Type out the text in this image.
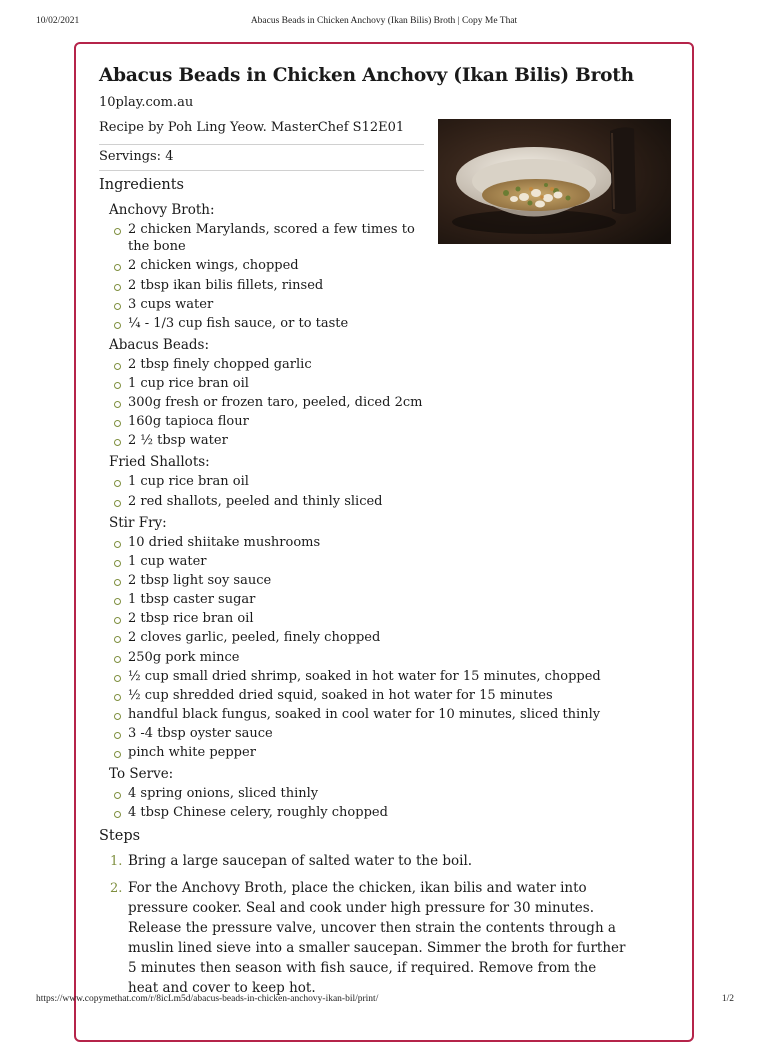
10/02/2021	Abacus Beads in Chicken Anchovy (Ikan Bilis) Broth | Copy Me That
Abacus Beads in Chicken Anchovy (Ikan Bilis) Broth
10play.com.au
Recipe by Poh Ling Yeow. MasterChef S12E01
Servings: 4
Ingredients
Anchovy Broth:
2 chicken Marylands, scored a few times to the bone
2 chicken wings, chopped
2 tbsp ikan bilis fillets, rinsed
3 cups water
¼ - 1/3 cup fish sauce, or to taste
Abacus Beads:
2 tbsp finely chopped garlic
1 cup rice bran oil
300g fresh or frozen taro, peeled, diced 2cm
160g tapioca flour
2 ½ tbsp water
Fried Shallots:
1 cup rice bran oil
2 red shallots, peeled and thinly sliced
Stir Fry:
10 dried shiitake mushrooms
1 cup water
2 tbsp light soy sauce
1 tbsp caster sugar
2 tbsp rice bran oil
2 cloves garlic, peeled, finely chopped
250g pork mince
½ cup small dried shrimp, soaked in hot water for 15 minutes, chopped
½ cup shredded dried squid, soaked in hot water for 15 minutes
handful black fungus, soaked in cool water for 10 minutes, sliced thinly
3 -4 tbsp oyster sauce
pinch white pepper
To Serve:
4 spring onions, sliced thinly
4 tbsp Chinese celery, roughly chopped
Steps
1. Bring a large saucepan of salted water to the boil.
2. For the Anchovy Broth, place the chicken, ikan bilis and water into pressure cooker. Seal and cook under high pressure for 30 minutes. Release the pressure valve, uncover then strain the contents through a muslin lined sieve into a smaller saucepan. Simmer the broth for further 5 minutes then season with fish sauce, if required. Remove from the heat and cover to keep hot.
https://www.copymethat.com/r/8icLm5d/abacus-beads-in-chicken-anchovy-ikan-bil/print/	1/2
